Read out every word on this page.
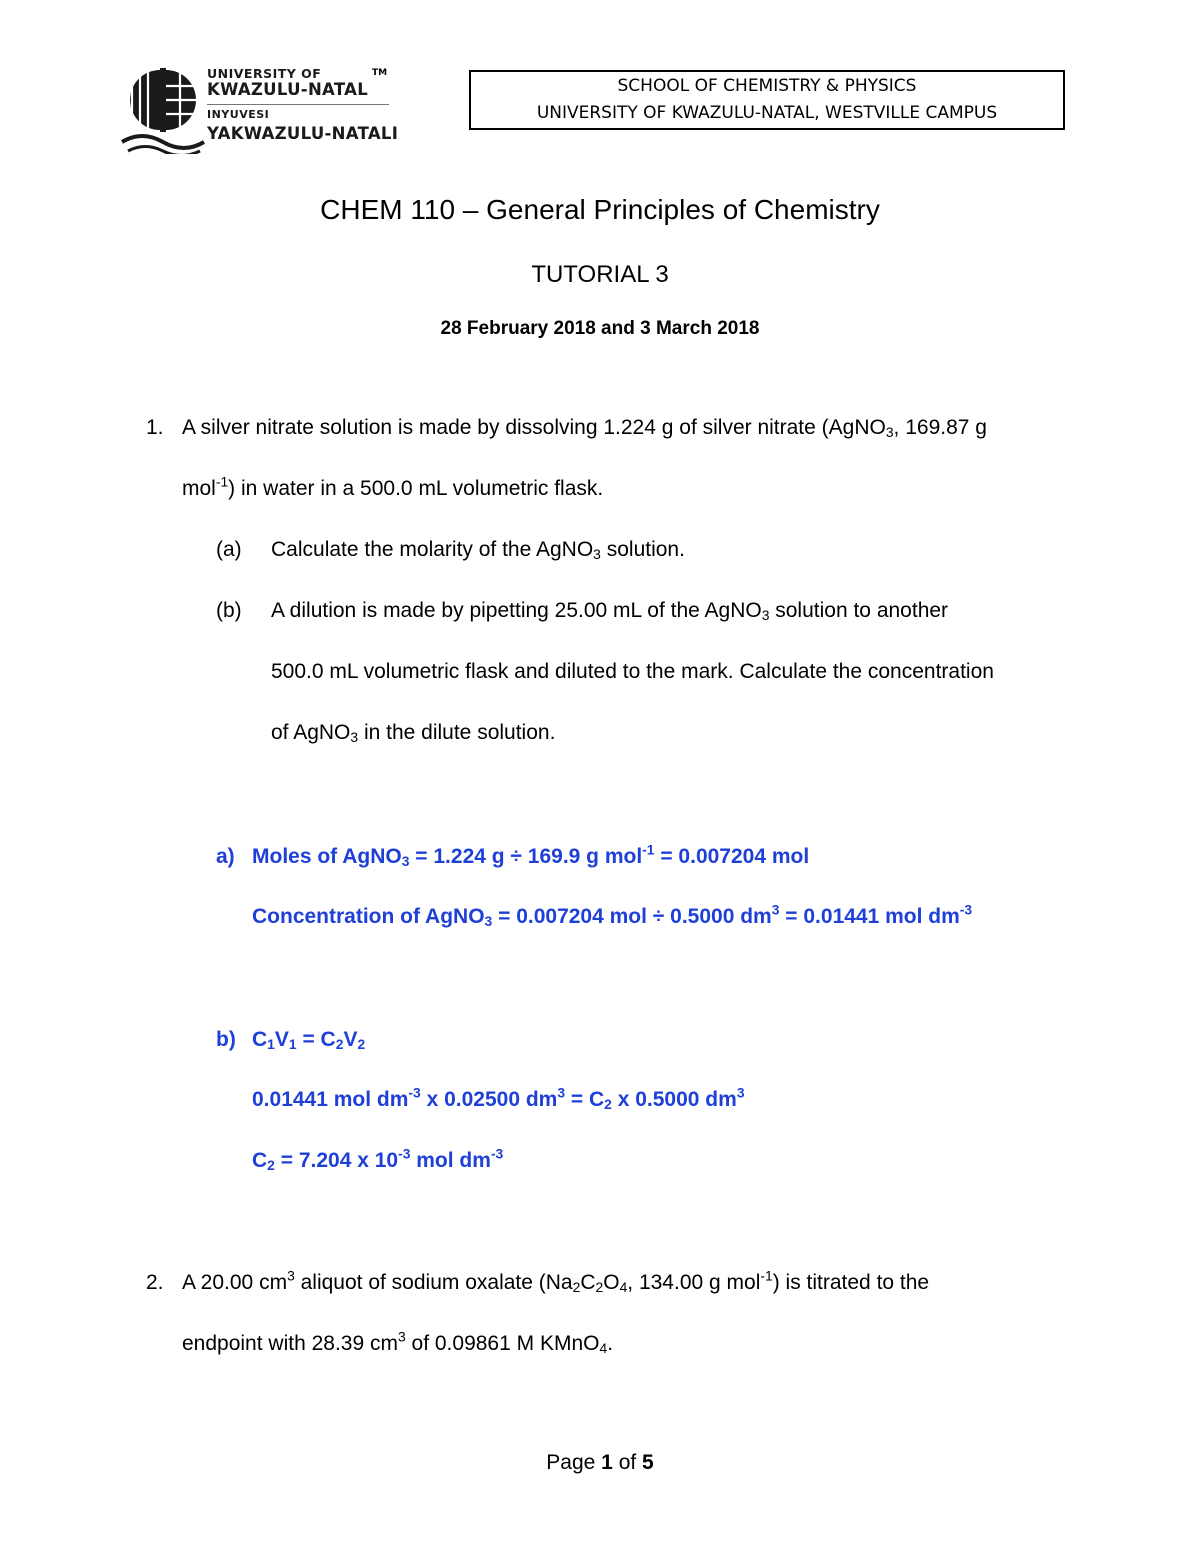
UNIVERSITY OF	TM
KWAZULU-NATAL
INYUVESI
YAKWAZULU-NATALI
SCHOOL OF CHEMISTRY & PHYSICS
UNIVERSITY OF KWAZULU-NATAL, WESTVILLE CAMPUS
CHEM 110 – General Principles of Chemistry
TUTORIAL 3
28 February 2018 and 3 March 2018
1. A silver nitrate solution is made by dissolving 1.224 g of silver nitrate (AgNO$_3$, 169.87 g
mol$^{-1}$) in water in a 500.0 mL volumetric flask.
(a) Calculate the molarity of the AgNO$_3$ solution.
(b) A dilution is made by pipetting 25.00 mL of the AgNO$_3$ solution to another
500.0 mL volumetric flask and diluted to the mark. Calculate the concentration
of AgNO$_3$ in the dilute solution.
a) Moles of AgNO$_3$ = 1.224 g ÷ 169.9 g mol$^{-1}$ = 0.007204 mol
Concentration of AgNO$_3$ = 0.007204 mol ÷ 0.5000 $dm^3 = 0.01441$ mol $dm^{-3}$
b) $C_1V_1 = C_2V_2$
0.01441 mol $dm^{-3}$ x 0.02500 $dm^3 = C_2$ x 0.5000 $dm^3$
$C_2 = 7.204$ x $10^{-3}$ mol $dm^{-3}$
2. A 20.00 $cm^3$ aliquot of sodium oxalate ($Na_2C_2O_4$, 134.00 g mol$^{-1}$) is titrated to the
endpoint with 28.39 $cm^3$ of 0.09861 M KMnO$_4$.
Page 1 of 5
